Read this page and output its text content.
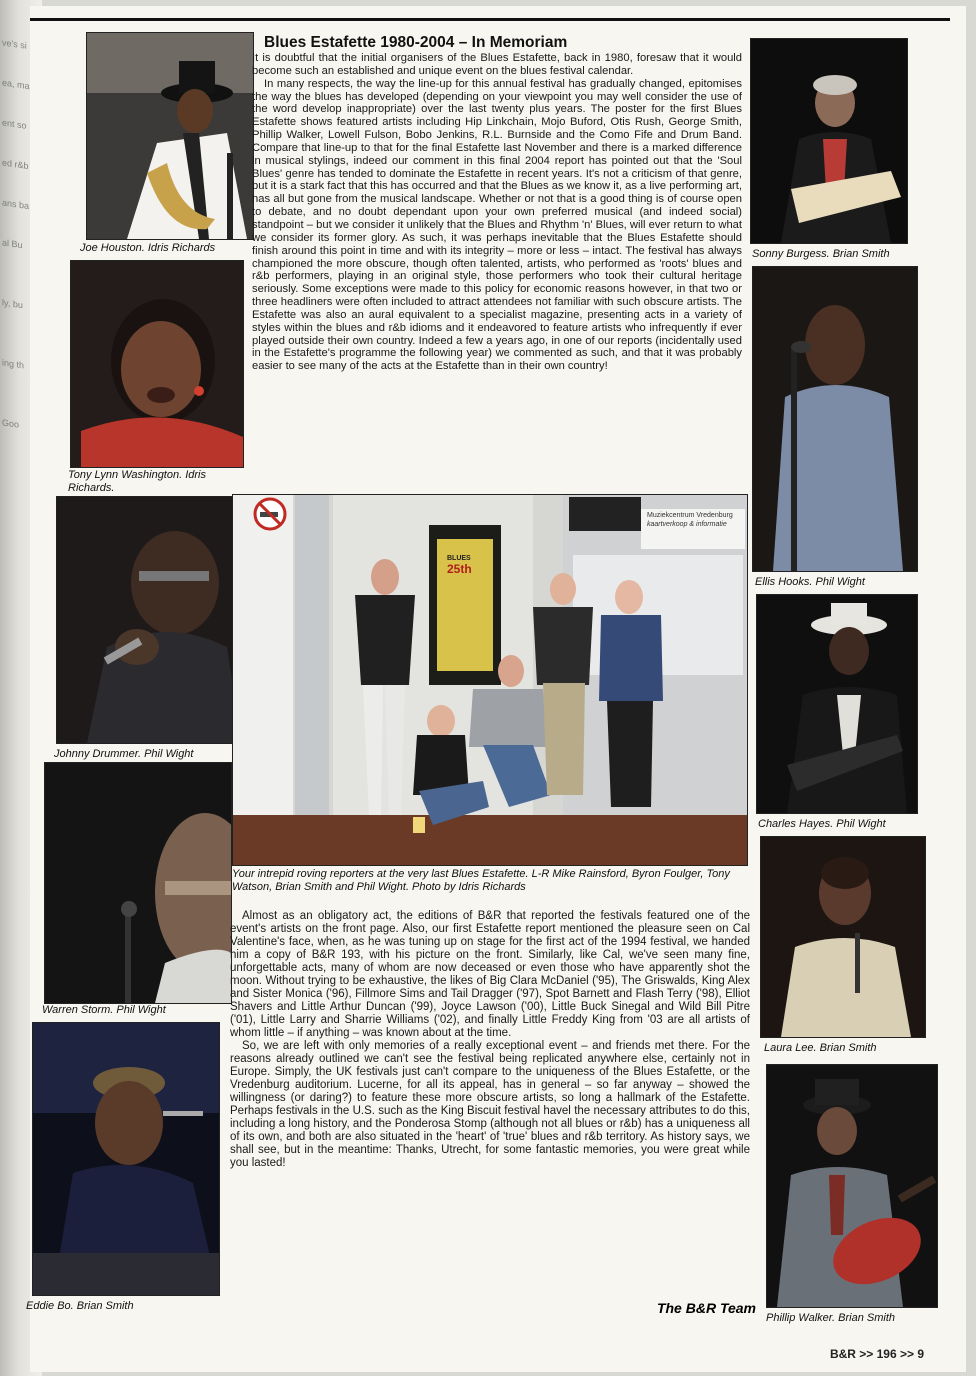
ve's si
ea, ma
ent so
ed r&b
ans ba
al Bu
ly, bu
ing th
Goo
Joe Houston. Idris Richards
Tony Lynn Washington. Idris Richards.
Johnny Drummer. Phil Wight
Warren Storm. Phil Wight
Eddie Bo. Brian Smith
Sonny Burgess. Brian Smith
Ellis Hooks. Phil Wight
Charles Hayes. Phil Wight
Laura Lee. Brian Smith
Phillip Walker. Brian Smith
Muziekcentrum Vredenburg
kaartverkoop & informatie
BLUES
25th
Your intrepid roving reporters at the very last Blues Estafette. L-R Mike Rainsford, Byron Foulger, Tony Watson, Brian Smith and Phil Wight. Photo by Idris Richards
Blues Estafette 1980-2004 – In Memoriam

It is doubtful that the initial organisers of the Blues Estafette, back in 1980, foresaw that it would become such an established and unique event on the blues festival calendar.

In many respects, the way the line-up for this annual festival has gradually changed, epitomises the way the blues has developed (depending on your viewpoint you may well consider the use of the word develop inappropriate) over the last twenty plus years. The poster for the first Blues Estafette shows featured artists including Hip Linkchain, Mojo Buford, Otis Rush, George Smith, Phillip Walker, Lowell Fulson, Bobo Jenkins, R.L. Burnside and the Como Fife and Drum Band. Compare that line-up to that for the final Estafette last November and there is a marked difference in musical stylings, indeed our comment in this final 2004 report has pointed out that the 'Soul Blues' genre has tended to dominate the Estafette in recent years. It's not a criticism of that genre, but it is a stark fact that this has occurred and that the Blues as we know it, as a live performing art, has all but gone from the musical landscape. Whether or not that is a good thing is of course open to debate, and no doubt dependant upon your own preferred musical (and indeed social) standpoint – but we consider it unlikely that the Blues and Rhythm 'n' Blues, will ever return to what we consider its former glory. As such, it was perhaps inevitable that the Blues Estafette should finish around this point in time and with its integrity – more or less – intact. The festival has always championed the more obscure, though often talented, artists, who performed as 'roots' blues and r&b performers, playing in an original style, those performers who took their cultural heritage seriously. Some exceptions were made to this policy for economic reasons however, in that two or three headliners were often included to attract attendees not familiar with such obscure artists. The Estafette was also an aural equivalent to a specialist magazine, presenting acts in a variety of styles within the blues and r&b idioms and it endeavored to feature artists who infrequently if ever played outside their own country. Indeed a few a years ago, in one of our reports (incidentally used in the Estafette's programme the following year) we commented as such, and that it was probably easier to see many of the acts at the Estafette than in their own country!

Almost as an obligatory act, the editions of B&R that reported the festivals featured one of the event's artists on the front page. Also, our first Estafette report mentioned the pleasure seen on Cal Valentine's face, when, as he was tuning up on stage for the first act of the 1994 festival, we handed him a copy of B&R 193, with his picture on the front. Similarly, like Cal, we've seen many fine, unforgettable acts, many of whom are now deceased or even those who have apparently shot the moon. Without trying to be exhaustive, the likes of Big Clara McDaniel ('95), The Griswalds, King Alex and Sister Monica ('96), Fillmore Sims and Tail Dragger ('97), Spot Barnett and Flash Terry ('98), Elliot Shavers and Little Arthur Duncan ('99), Joyce Lawson ('00), Little Buck Sinegal and Wild Bill Pitre ('01), Little Larry and Sharrie Williams ('02), and finally Little Freddy King from '03 are all artists of whom little – if anything – was known about at the time.

So, we are left with only memories of a really exceptional event – and friends met there. For the reasons already outlined we can't see the festival being replicated anywhere else, certainly not in Europe. Simply, the UK festivals just can't compare to the uniqueness of the Blues Estafette, or the Vredenburg auditorium. Lucerne, for all its appeal, has in general – so far anyway – showed the willingness (or daring?) to feature these more obscure artists, so long a hallmark of the Estafette. Perhaps festivals in the U.S. such as the King Biscuit festival havel the necessary attributes to do this, including a long history, and the Ponderosa Stomp (although not all blues or r&b) has a uniqueness all of its own, and both are also situated in the 'heart' of 'true' blues and r&b territory. As history says, we shall see, but in the meantime: Thanks, Utrecht, for some fantastic memories, you were great while you lasted!

The B&R Team
B&R >> 196 >> 9
